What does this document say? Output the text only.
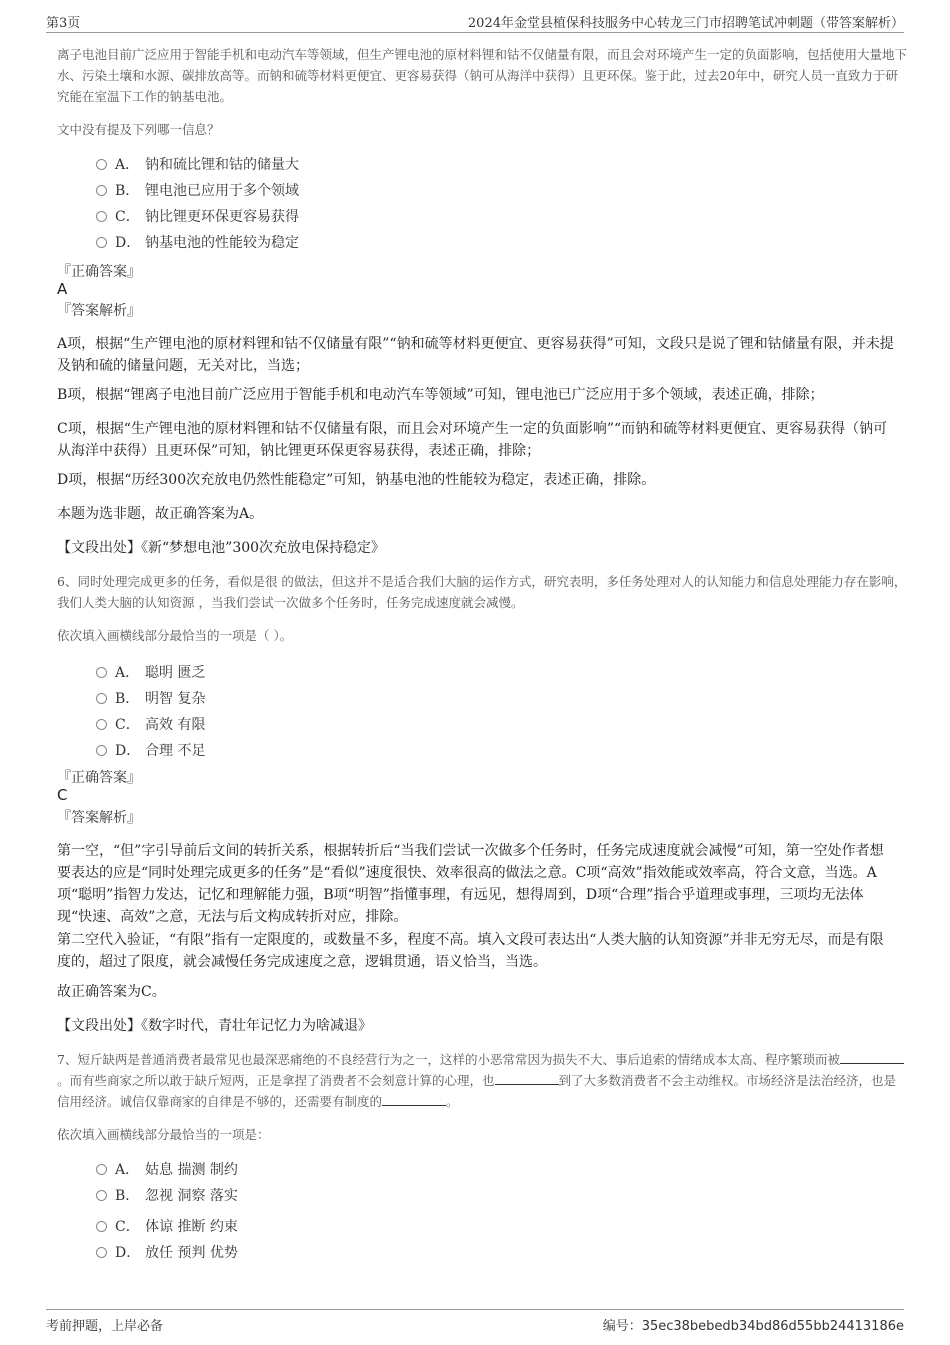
第3页	2024年金堂县植保科技服务中心转龙三门市招聘笔试冲刺题（带答案解析）
离子电池目前广泛应用于智能手机和电动汽车等领域，但生产锂电池的原材料锂和钴不仅储量有限，而且会对环境产生一定的负面影响，包括使用大量地下水、污染土壤和水源、碳排放高等。而钠和硫等材料更便宜、更容易获得（钠可从海洋中获得）且更环保。鉴于此，过去20年中，研究人员一直致力于研究能在室温下工作的钠基电池。
文中没有提及下列哪一信息？
A． 钠和硫比锂和钴的储量大
B． 锂电池已应用于多个领域
C． 钠比锂更环保更容易获得
D． 钠基电池的性能较为稳定
『正确答案』
A
『答案解析』
A项，根据“生产锂电池的原材料锂和钴不仅储量有限”“钠和硫等材料更便宜、更容易获得”可知，文段只是说了锂和钴储量有限，并未提及钠和硫的储量问题，无关对比，当选；
B项，根据“锂离子电池目前广泛应用于智能手机和电动汽车等领域”可知，锂电池已广泛应用于多个领域，表述正确，排除；
C项，根据“生产锂电池的原材料锂和钴不仅储量有限，而且会对环境产生一定的负面影响”“而钠和硫等材料更便宜、更容易获得（钠可从海洋中获得）且更环保”可知，钠比锂更环保更容易获得，表述正确，排除；
D项，根据“历经300次充放电仍然性能稳定”可知，钠基电池的性能较为稳定，表述正确，排除。
本题为选非题，故正确答案为A。
【文段出处】《新“梦想电池”300次充放电保持稳定》
6、同时处理完成更多的任务，看似是很 的做法，但这并不是适合我们大脑的运作方式，研究表明，多任务处理对人的认知能力和信息处理能力存在影响，我们人类大脑的认知资源 ，当我们尝试一次做多个任务时，任务完成速度就会减慢。
依次填入画横线部分最恰当的一项是（ ）。
A． 聪明 匮乏
B． 明智 复杂
C． 高效 有限
D． 合理 不足
『正确答案』
C
『答案解析』
第一空，“但”字引导前后文间的转折关系，根据转折后“当我们尝试一次做多个任务时，任务完成速度就会减慢”可知，第一空处作者想要表达的应是“同时处理完成更多的任务”是“看似”速度很快、效率很高的做法之意。C项“高效”指效能或效率高，符合文意，当选。A项“聪明”指智力发达，记忆和理解能力强，B项“明智”指懂事理，有远见，想得周到，D项“合理”指合乎道理或事理，三项均无法体现“快速、高效”之意，无法与后文构成转折对应，排除。
第二空代入验证，“有限”指有一定限度的，或数量不多，程度不高。填入文段可表达出“人类大脑的认知资源”并非无穷无尽，而是有限度的，超过了限度，就会减慢任务完成速度之意，逻辑贯通，语义恰当，当选。
故正确答案为C。
【文段出处】《数字时代，青壮年记忆力为啥减退》
7、短斤缺两是普通消费者最常见也最深恶痛绝的不良经营行为之一，这样的小恶常常因为损失不大、事后追索的情绪成本太高、程序繁琐而被。而有些商家之所以敢于缺斤短两，正是拿捏了消费者不会刻意计算的心理，也	到了大多数消费者不会主动维权。市场经济是法治经济，也是信用经济。诚信仅靠商家的自律是不够的，还需要有制度的	。
依次填入画横线部分最恰当的一项是：
A． 姑息 揣测 制约
B． 忽视 洞察 落实
C． 体谅 推断 约束
D． 放任 预判 优势
考前押题，上岸必备	编号：35ec38bebedb34bd86d55bb24413186e
